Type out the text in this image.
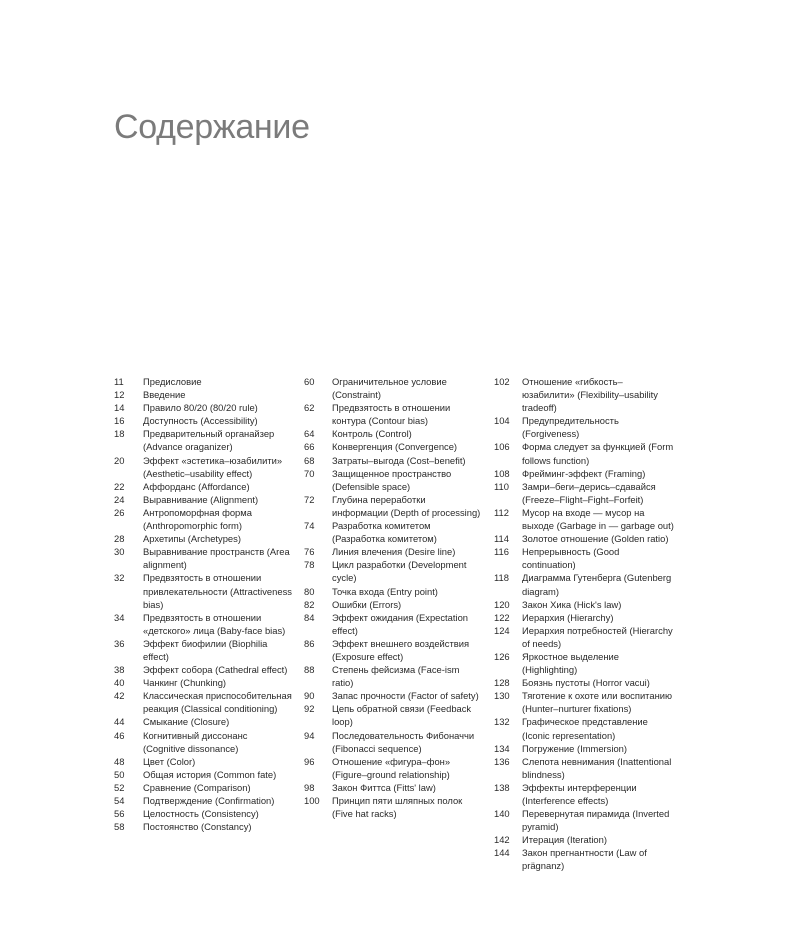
Содержание
11	Предисловие
12	Введение
14	Правило 80/20 (80/20 rule)
16	Доступность (Accessibility)
18	Предварительный органайзер (Advance oraganizer)
20	Эффект «эстетика–юзабилити» (Aesthetic–usability effect)
22	Аффорданс (Affordance)
24	Выравнивание (Alignment)
26	Антропоморфная форма (Anthropomorphic form)
28	Архетипы (Archetypes)
30	Выравнивание пространств (Area alignment)
32	Предвзятость в отношении привлекательности (Attractiveness bias)
34	Предвзятость в отношении «детского» лица (Baby-face bias)
36	Эффект биофилии (Biophilia effect)
38	Эффект собора (Cathedral effect)
40	Чанкинг (Chunking)
42	Классическая приспособительная реакция (Classical conditioning)
44	Смыкание (Closure)
46	Когнитивный диссонанс (Cognitive dissonance)
48	Цвет (Color)
50	Общая история (Common fate)
52	Сравнение (Comparison)
54	Подтверждение (Confirmation)
56	Целостность (Consistency)
58	Постоянство (Constancy)
60	Ограничительное условие (Constraint)
62	Предвзятость в отношении контура (Contour bias)
64	Контроль (Control)
66	Конвергенция (Convergence)
68	Затраты–выгода (Cost–benefit)
70	Защищенное пространство (Defensible space)
72	Глубина переработки информации (Depth of processing)
74	Разработка комитетом (Разработка комитетом)
76	Линия влечения (Desire line)
78	Цикл разработки (Development cycle)
80	Точка входа (Entry point)
82	Ошибки (Errors)
84	Эффект ожидания (Expectation effect)
86	Эффект внешнего воздействия (Exposure effect)
88	Степень фейсизма (Face-ism ratio)
90	Запас прочности (Factor of safety)
92	Цепь обратной связи (Feedback loop)
94	Последовательность Фибоначчи (Fibonacci sequence)
96	Отношение «фигура–фон» (Figure–ground relationship)
98	Закон Фиттса (Fitts' law)
100	Принцип пяти шляпных полок (Five hat racks)
102	Отношение «гибкость–юзабилити» (Flexibility–usability tradeoff)
104	Предупредительность (Forgiveness)
106	Форма следует за функцией (Form follows function)
108	Фрейминг-эффект (Framing)
110	Замри–беги–дерись–сдавайся (Freeze–Flight–Fight–Forfeit)
112	Мусор на входе — мусор на выходе (Garbage in — garbage out)
114	Золотое отношение (Golden ratio)
116	Непрерывность (Good continuation)
118	Диаграмма Гутенберга (Gutenberg diagram)
120	Закон Хика (Hick's law)
122	Иерархия (Hierarchy)
124	Иерархия потребностей (Hierarchy of needs)
126	Яркостное выделение (Highlighting)
128	Боязнь пустоты (Horror vacui)
130	Тяготение к охоте или воспитанию (Hunter–nurturer fixations)
132	Графическое представление (Iconic representation)
134	Погружение (Immersion)
136	Слепота невнимания (Inattentional blindness)
138	Эффекты интерференции (Interference effects)
140	Перевернутая пирамида (Inverted pyramid)
142	Итерация (Iteration)
144	Закон прегнантности (Law of prägnanz)
